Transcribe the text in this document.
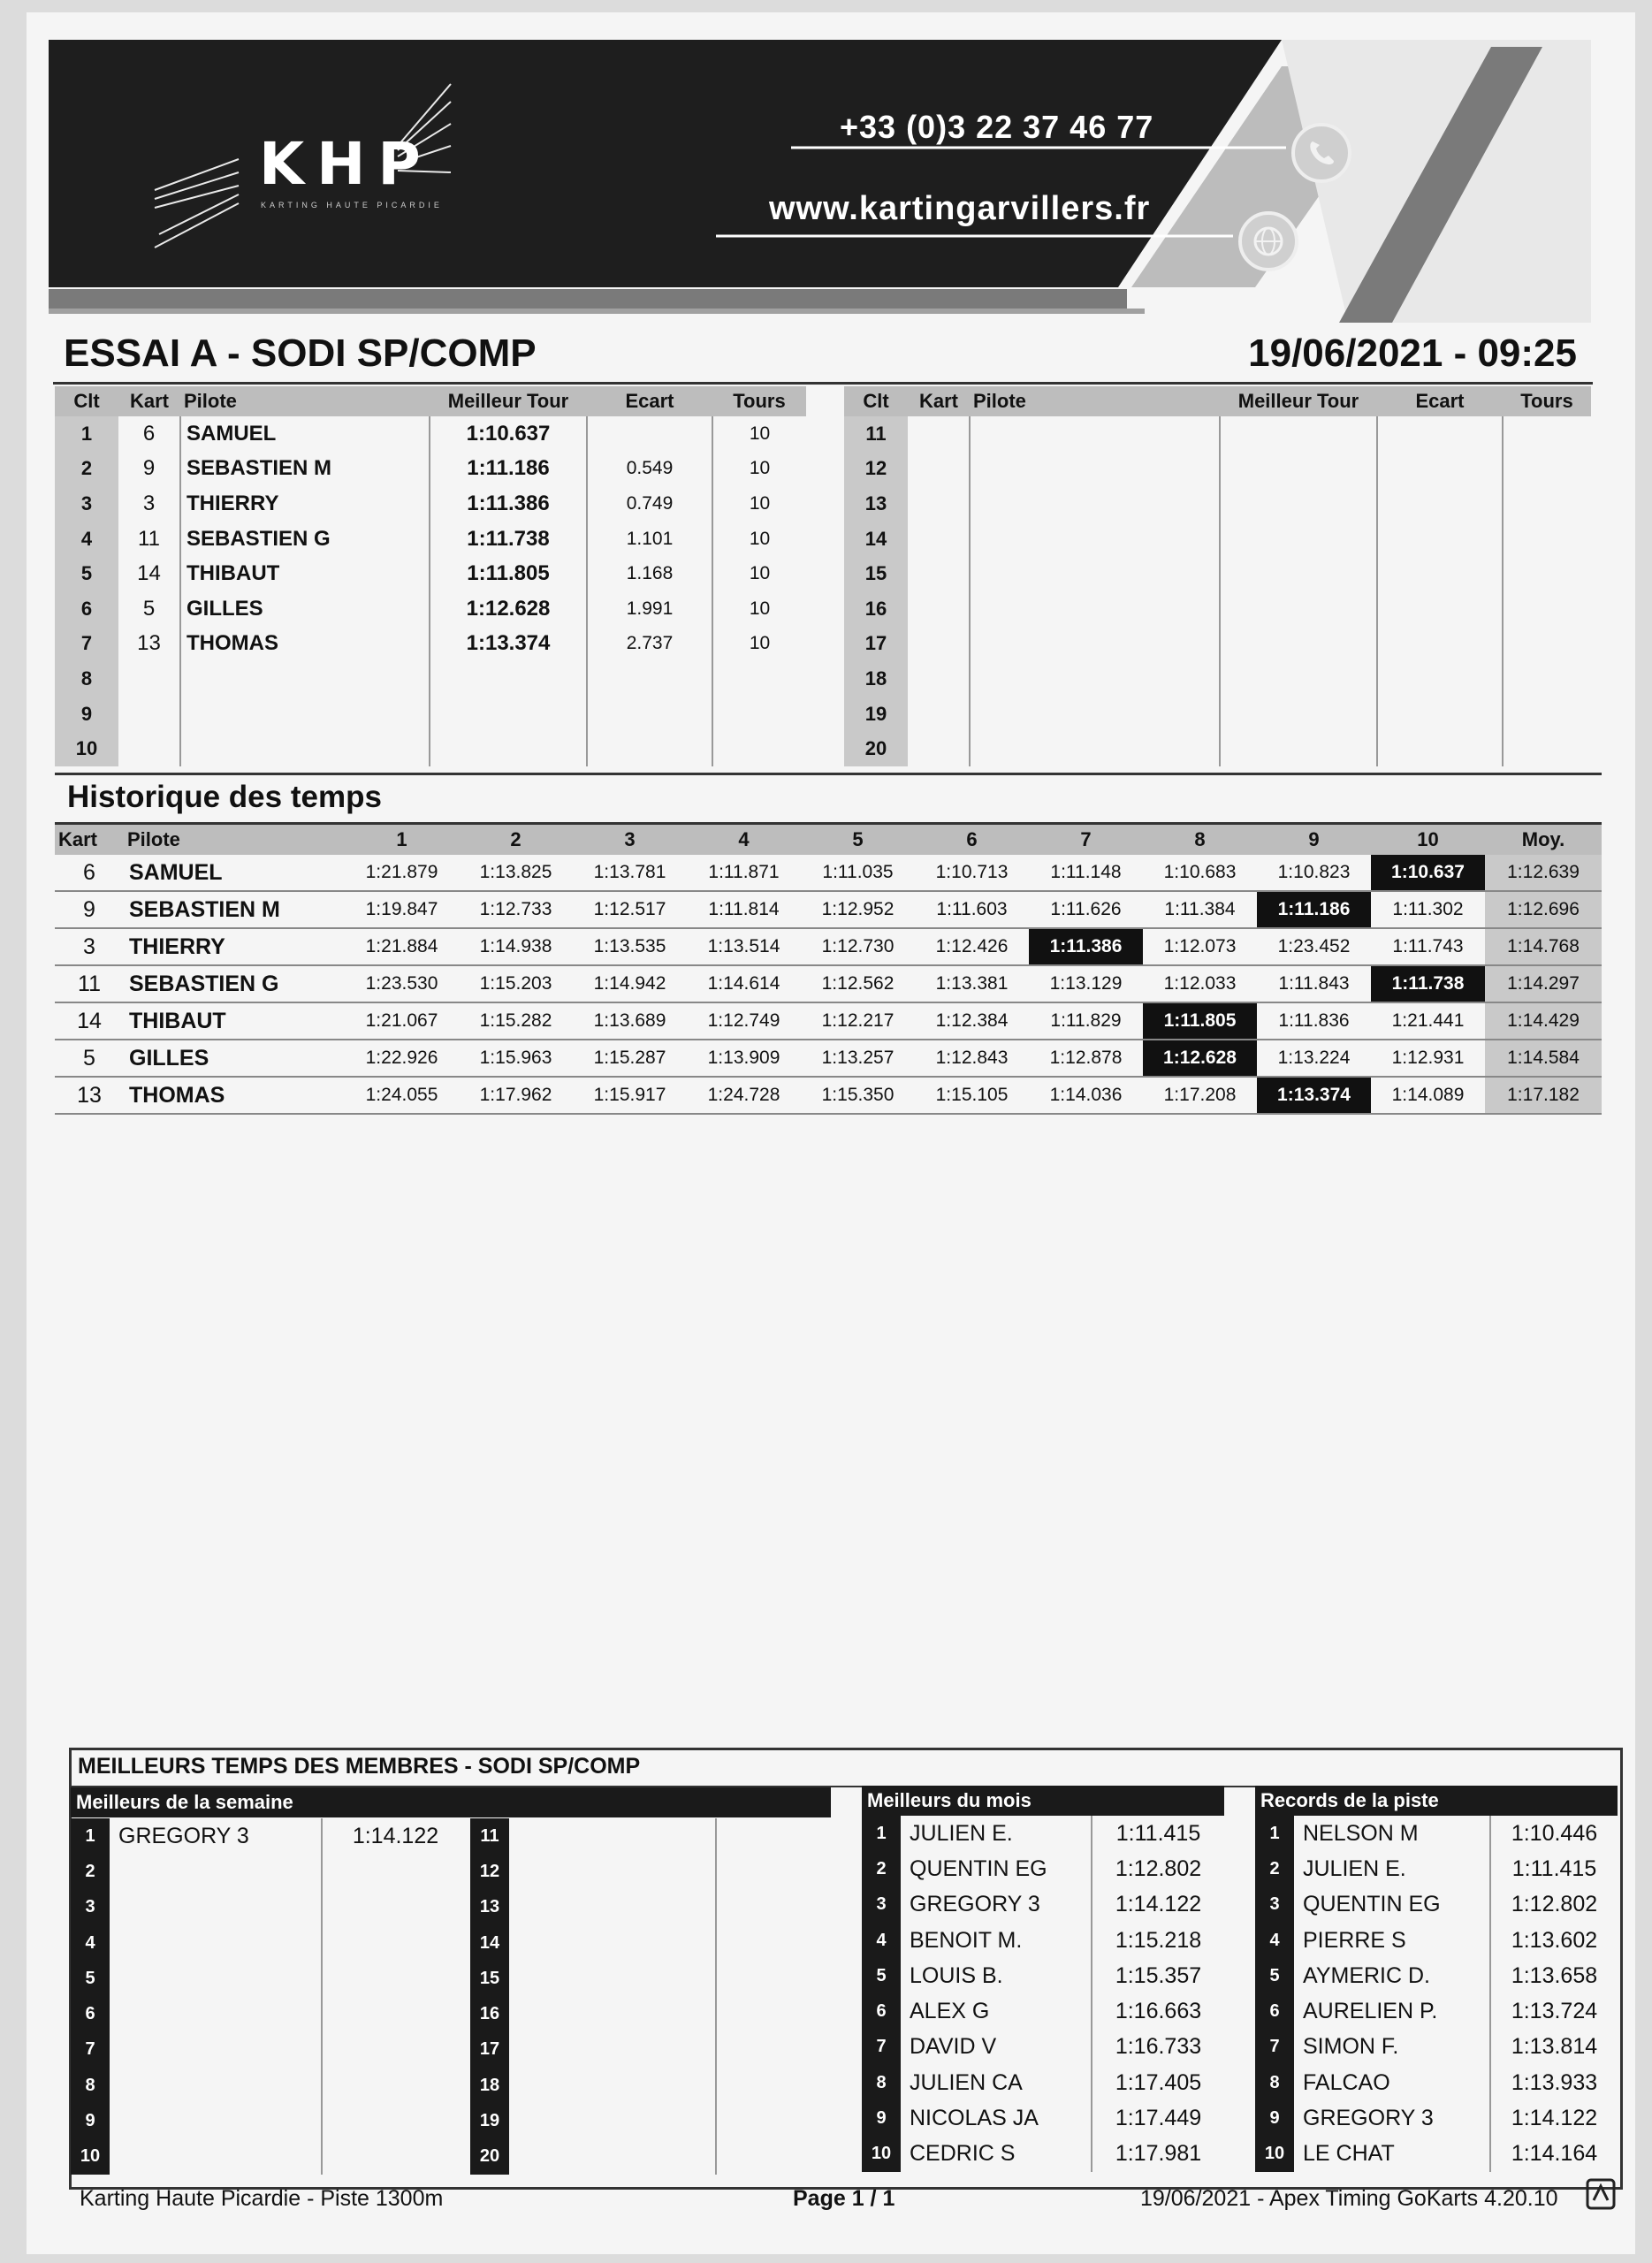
KHP
KARTING HAUTE PICARDIE
+33 (0)3 22 37 46 77
www.kartingarvillers.fr
ESSAI A - SODI SP/COMP	19/06/2021 - 09:25
Clt	Kart	Pilote	Meilleur Tour	Ecart	Tours
1	6	SAMUEL	1:10.637		10
2	9	SEBASTIEN M	1:11.186	0.549	10
3	3	THIERRY	1:11.386	0.749	10
4	11	SEBASTIEN G	1:11.738	1.101	10
5	14	THIBAUT	1:11.805	1.168	10
6	5	GILLES	1:12.628	1.991	10
7	13	THOMAS	1:13.374	2.737	10
8					
9					
10					
Clt	Kart	Pilote	Meilleur Tour	Ecart	Tours
11					
12					
13					
14					
15					
16					
17					
18					
19					
20					
Historique des temps
Kart	Pilote	1	2	3	4	5	6	7	8	9	10	Moy.
6	SAMUEL	1:21.879	1:13.825	1:13.781	1:11.871	1:11.035	1:10.713	1:11.148	1:10.683	1:10.823	1:10.637	1:12.639
9	SEBASTIEN M	1:19.847	1:12.733	1:12.517	1:11.814	1:12.952	1:11.603	1:11.626	1:11.384	1:11.186	1:11.302	1:12.696
3	THIERRY	1:21.884	1:14.938	1:13.535	1:13.514	1:12.730	1:12.426	1:11.386	1:12.073	1:23.452	1:11.743	1:14.768
11	SEBASTIEN G	1:23.530	1:15.203	1:14.942	1:14.614	1:12.562	1:13.381	1:13.129	1:12.033	1:11.843	1:11.738	1:14.297
14	THIBAUT	1:21.067	1:15.282	1:13.689	1:12.749	1:12.217	1:12.384	1:11.829	1:11.805	1:11.836	1:21.441	1:14.429
5	GILLES	1:22.926	1:15.963	1:15.287	1:13.909	1:13.257	1:12.843	1:12.878	1:12.628	1:13.224	1:12.931	1:14.584
13	THOMAS	1:24.055	1:17.962	1:15.917	1:24.728	1:15.350	1:15.105	1:14.036	1:17.208	1:13.374	1:14.089	1:17.182
MEILLEURS TEMPS DES MEMBRES - SODI SP/COMP
Meilleurs de la semaine	Meilleurs du mois	Records de la piste
1	GREGORY 3	1:14.122
2		
3		
4		
5		
6		
7		
8		
9		
10		
11		
12		
13		
14		
15		
16		
17		
18		
19		
20		
1	JULIEN E.	1:11.415
2	QUENTIN EG	1:12.802
3	GREGORY 3	1:14.122
4	BENOIT M.	1:15.218
5	LOUIS B.	1:15.357
6	ALEX G	1:16.663
7	DAVID V	1:16.733
8	JULIEN CA	1:17.405
9	NICOLAS JA	1:17.449
10	CEDRIC S	1:17.981
1	NELSON M	1:10.446
2	JULIEN E.	1:11.415
3	QUENTIN EG	1:12.802
4	PIERRE S	1:13.602
5	AYMERIC D.	1:13.658
6	AURELIEN P.	1:13.724
7	SIMON F.	1:13.814
8	FALCAO	1:13.933
9	GREGORY 3	1:14.122
10	LE CHAT	1:14.164
Karting Haute Picardie - Piste 1300m	Page 1 / 1	19/06/2021 - Apex Timing GoKarts 4.20.10
